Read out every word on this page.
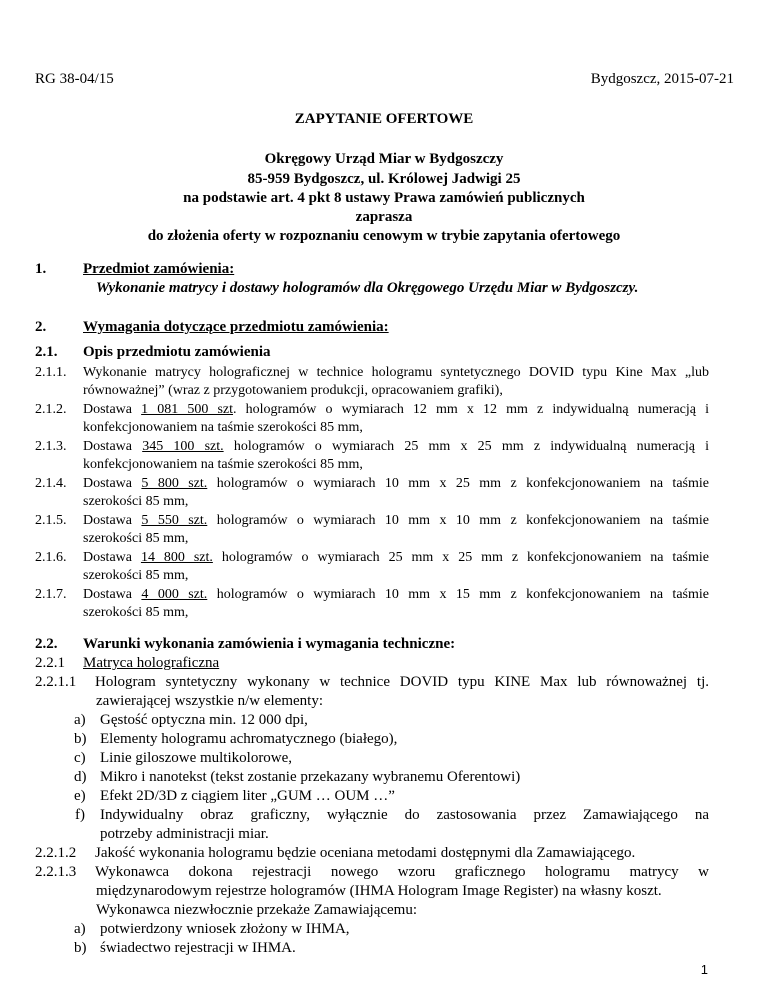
RG 38-04/15	Bydgoszcz, 2015-07-21
ZAPYTANIE OFERTOWE
Okręgowy Urząd Miar w Bydgoszczy
85-959 Bydgoszcz, ul. Królowej Jadwigi 25
na podstawie art. 4 pkt 8 ustawy Prawa zamówień publicznych
zaprasza
do złożenia oferty w rozpoznaniu cenowym w trybie zapytania ofertowego
1. Przedmiot zamówienia:
Wykonanie matrycy i dostawy hologramów dla Okręgowego Urzędu Miar w Bydgoszczy.
2. Wymagania dotyczące przedmiotu zamówienia:
2.1. Opis przedmiotu zamówienia
2.1.1. Wykonanie matrycy holograficznej w technice hologramu syntetycznego DOVID typu Kine Max „lub
równoważnej” (wraz z przygotowaniem produkcji, opracowaniem grafiki),
2.1.2. Dostawa 1 081 500 szt. hologramów o wymiarach 12 mm x 12 mm z indywidualną numeracją i
konfekcjonowaniem na taśmie szerokości 85 mm,
2.1.3. Dostawa 345 100 szt. hologramów o wymiarach 25 mm x 25 mm z indywidualną numeracją i
konfekcjonowaniem na taśmie szerokości 85 mm,
2.1.4. Dostawa 5 800 szt. hologramów o wymiarach 10 mm x 25 mm z konfekcjonowaniem na taśmie
szerokości 85 mm,
2.1.5. Dostawa 5 550 szt. hologramów o wymiarach 10 mm x 10 mm z konfekcjonowaniem na taśmie
szerokości 85 mm,
2.1.6. Dostawa 14 800 szt. hologramów o wymiarach 25 mm x 25 mm z konfekcjonowaniem na taśmie
szerokości 85 mm,
2.1.7. Dostawa 4 000 szt. hologramów o wymiarach 10 mm x 15 mm z konfekcjonowaniem na taśmie
szerokości 85 mm,
2.2. Warunki wykonania zamówienia i wymagania techniczne:
2.2.1 Matryca holograficzna
2.2.1.1 Hologram syntetyczny wykonany w technice DOVID typu KINE Max lub równoważnej tj.
zawierającej wszystkie n/w elementy:
a) Gęstość optyczna min. 12 000 dpi,
b) Elementy hologramu achromatycznego (białego),
c) Linie giloszowe multikolorowe,
d) Mikro i nanotekst (tekst zostanie przekazany wybranemu Oferentowi)
e) Efekt 2D/3D z ciągiem liter „GUM … OUM …”
f) Indywidualny obraz graficzny, wyłącznie do zastosowania przez Zamawiającego na
potrzeby administracji miar.
2.2.1.2 Jakość wykonania hologramu będzie oceniana metodami dostępnymi dla Zamawiającego.
2.2.1.3 Wykonawca dokona rejestracji nowego wzoru graficznego hologramu matrycy w
międzynarodowym rejestrze hologramów (IHMA Hologram Image Register) na własny koszt.
Wykonawca niezwłocznie przekaże Zamawiającemu:
a) potwierdzony wniosek złożony w IHMA,
b) świadectwo rejestracji w IHMA.
1
